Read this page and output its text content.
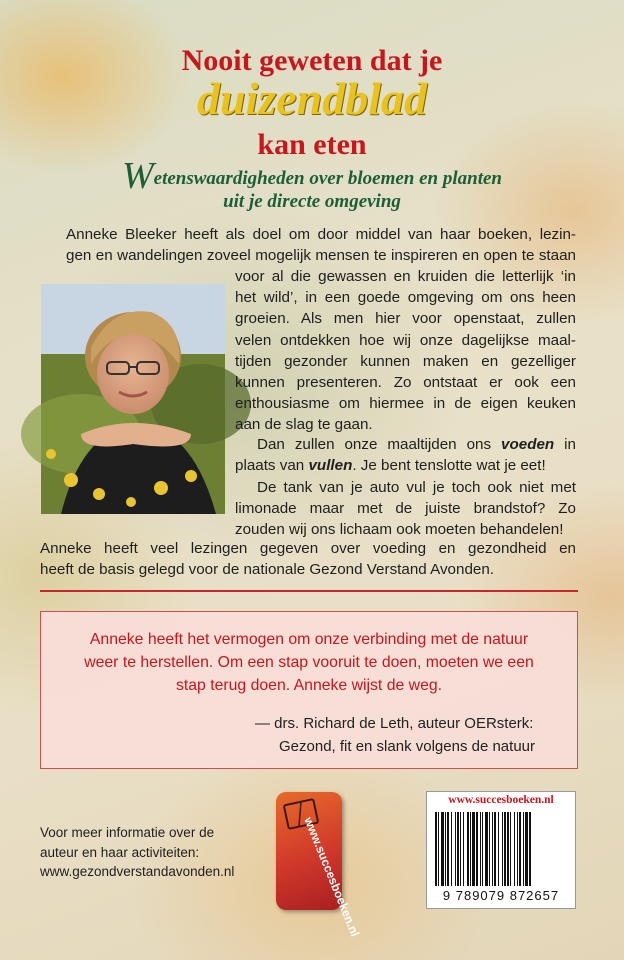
Nooit geweten dat je
duizendblad
kan eten
Wetenswaardigheden over bloemen en planten
uit je directe omgeving
Anneke Bleeker heeft als doel om door middel van haar boeken, lezin-
gen en wandelingen zoveel mogelijk mensen te inspireren en open te staan
voor al die gewassen en kruiden die letterlijk ‘in
het wild’, in een goede omgeving om ons heen
groeien. Als men hier voor openstaat, zullen
velen ontdekken hoe wij onze dagelijkse maal-
tijden gezonder kunnen maken en gezelliger
kunnen presenteren. Zo ontstaat er ook een
enthousiasme om hiermee in de eigen keuken
aan de slag te gaan.
Dan zullen onze maaltijden ons voeden in
plaats van vullen. Je bent tenslotte wat je eet!
De tank van je auto vul je toch ook niet met
limonade maar met de juiste brandstof? Zo
zouden wij ons lichaam ook moeten behandelen!
Anneke heeft veel lezingen gegeven over voeding en gezondheid en
heeft de basis gelegd voor de nationale Gezond Verstand Avonden.
Anneke heeft het vermogen om onze verbinding met de natuur
weer te herstellen. Om een stap vooruit te doen, moeten we een
stap terug doen. Anneke wijst de weg.
— drs. Richard de Leth, auteur OERsterk:
Gezond, fit en slank volgens de natuur
Voor meer informatie over de
auteur en haar activiteiten:
www.gezondverstandavonden.nl
www.succesboeken.nl
www.succesboeken.nl
9 789079 872657
